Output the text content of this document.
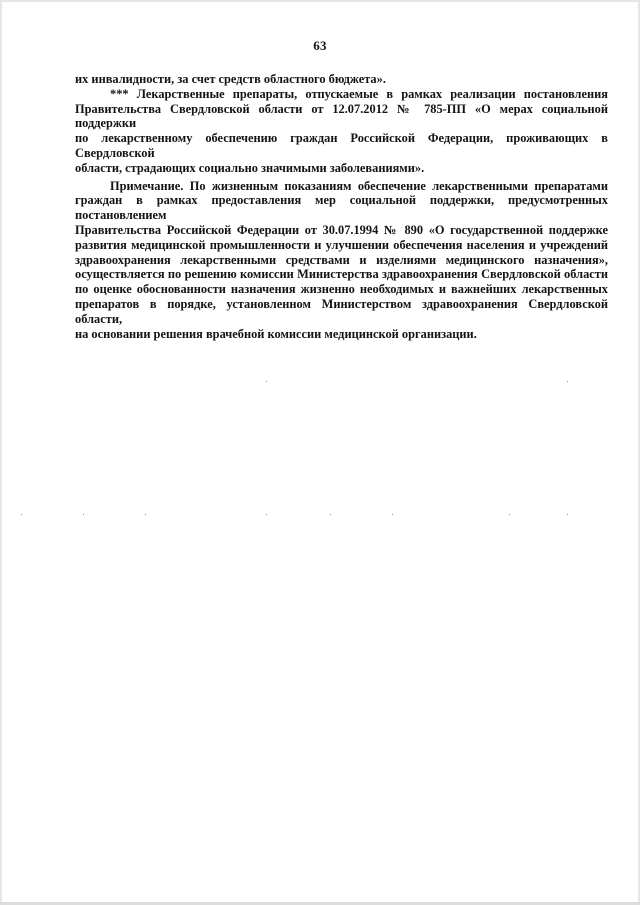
63
их инвалидности, за счет средств областного бюджета».
*** Лекарственные препараты, отпускаемые в рамках реализации постановления
Правительства Свердловской области от 12.07.2012 № 785-ПП «О мерах социальной поддержки
по лекарственному обеспечению граждан Российской Федерации, проживающих в Свердловской
области, страдающих социально значимыми заболеваниями».
Примечание. По жизненным показаниям обеспечение лекарственными препаратами
граждан в рамках предоставления мер социальной поддержки, предусмотренных постановлением
Правительства Российской Федерации от 30.07.1994 № 890 «О государственной поддержке
развития медицинской промышленности и улучшении обеспечения населения и учреждений
здравоохранения лекарственными средствами и изделиями медицинского назначения»,
осуществляется по решению комиссии Министерства здравоохранения Свердловской области
по оценке обоснованности назначения жизненно необходимых и важнейших лекарственных
препаратов в порядке, установленном Министерством здравоохранения Свердловской области,
на основании решения врачебной комиссии медицинской организации.
